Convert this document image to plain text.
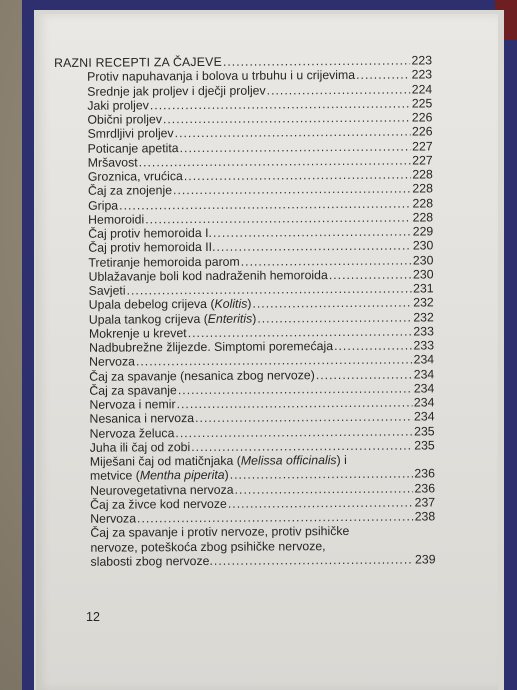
RAZNI RECEPTI ZA ČAJEVE .....	223
Protiv napuhavanja i bolova u trbuhu i u crijevima .....	223
Srednje jak proljev i dječji proljev .....	224
Jaki proljev .....	225
Obični proljev .....	226
Smrdljivi proljev .....	226
Poticanje apetita .....	227
Mršavost .....	227
Groznica, vrućica .....	228
Čaj za znojenje .....	228
Gripa .....	228
Hemoroidi .....	228
Čaj protiv hemoroida I. .....	229
Čaj protiv hemoroida II. .....	230
Tretiranje hemoroida parom .....	230
Ublažavanje boli kod nadraženih hemoroida .....	230
Savjeti .....	231
Upala debelog crijeva (Kolitis) .....	232
Upala tankog crijeva (Enteritis) .....	232
Mokrenje u krevet .....	233
Nadbubrežne žlijezde. Simptomi poremećaja .....	233
Nervoza .....	234
Čaj za spavanje (nesanica zbog nervoze) .....	234
Čaj za spavanje .....	234
Nervoza i nemir .....	234
Nesanica i nervoza .....	234
Nervoza želuca .....	235
Juha ili čaj od zobi .....	235
Miješani čaj od matičnjaka (Melissa officinalis) i
metvice (Mentha piperita) .....	236
Neurovegetativna nervoza .....	236
Čaj za živce kod nervoze .....	237
Nervoza .....	238
Čaj za spavanje i protiv nervoze, protiv psihičke
nervoze, poteškoća zbog psihičke nervoze,
slabosti zbog nervoze. .....	239
12
